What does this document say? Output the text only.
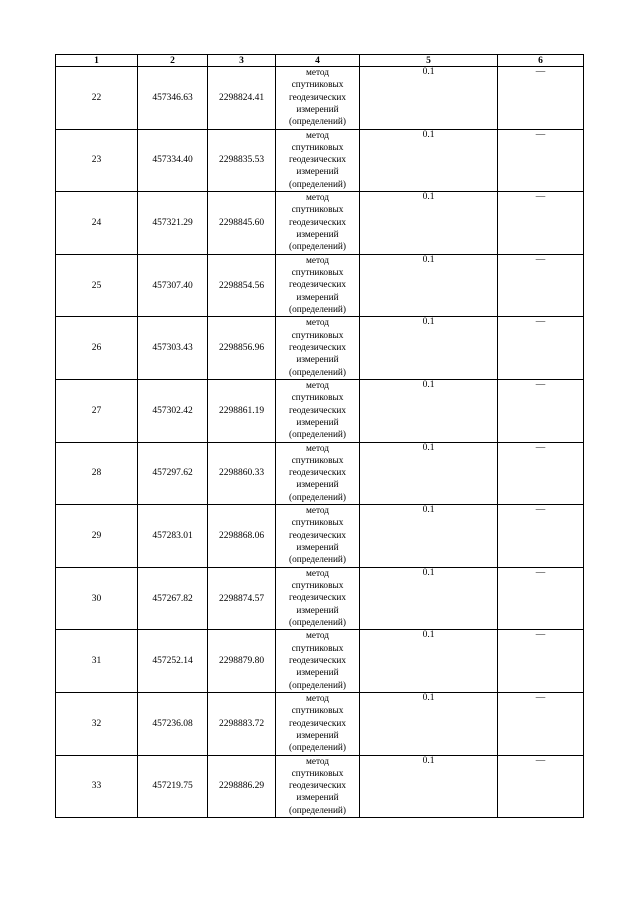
1	2	3	4	5	6
22	457346.63	2298824.41	метод
спутниковых
геодезических
измерений
(определений)	0.1	—
23	457334.40	2298835.53	метод
спутниковых
геодезических
измерений
(определений)	0.1	—
24	457321.29	2298845.60	метод
спутниковых
геодезических
измерений
(определений)	0.1	—
25	457307.40	2298854.56	метод
спутниковых
геодезических
измерений
(определений)	0.1	—
26	457303.43	2298856.96	метод
спутниковых
геодезических
измерений
(определений)	0.1	—
27	457302.42	2298861.19	метод
спутниковых
геодезических
измерений
(определений)	0.1	—
28	457297.62	2298860.33	метод
спутниковых
геодезических
измерений
(определений)	0.1	—
29	457283.01	2298868.06	метод
спутниковых
геодезических
измерений
(определений)	0.1	—
30	457267.82	2298874.57	метод
спутниковых
геодезических
измерений
(определений)	0.1	—
31	457252.14	2298879.80	метод
спутниковых
геодезических
измерений
(определений)	0.1	—
32	457236.08	2298883.72	метод
спутниковых
геодезических
измерений
(определений)	0.1	—
33	457219.75	2298886.29	метод
спутниковых
геодезических
измерений
(определений)	0.1	—
